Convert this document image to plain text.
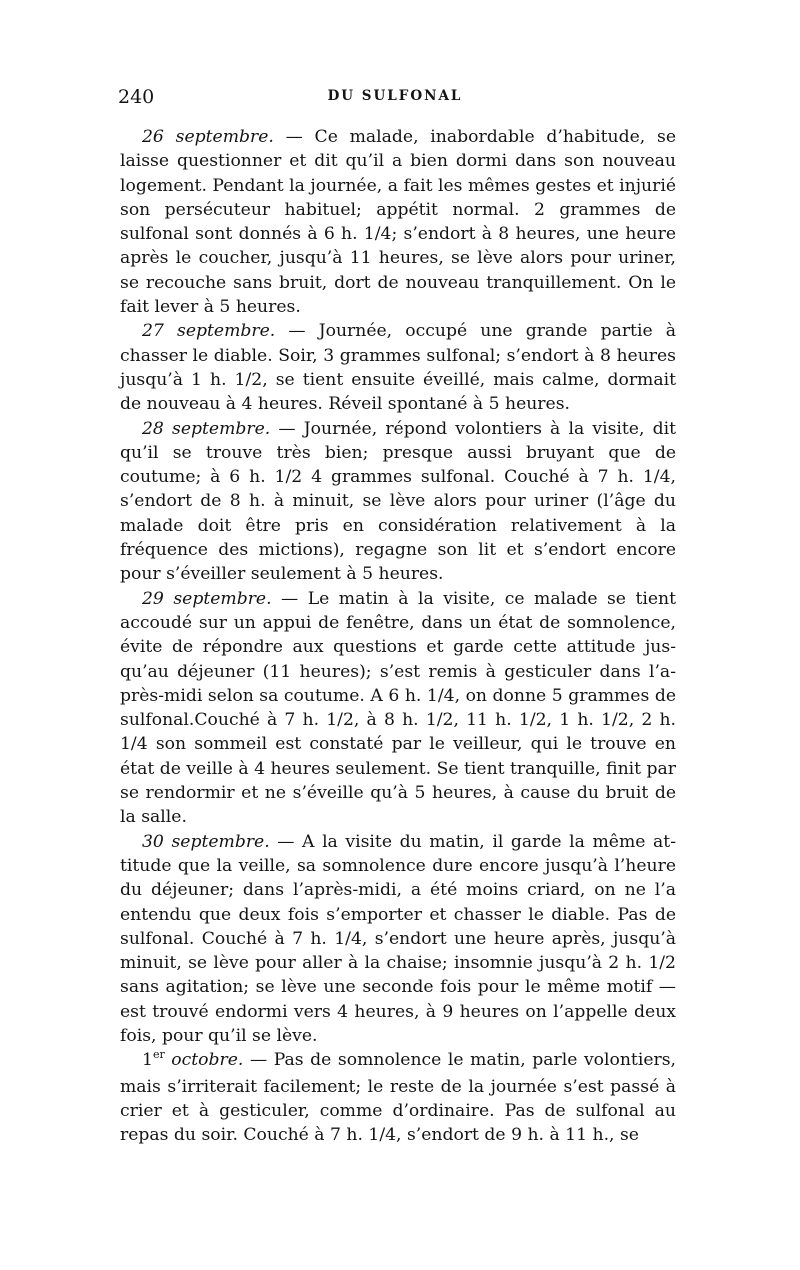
240	DU SULFONAL

26 septembre. — Ce malade, inabordable d’habitude, se laisse questionner et dit qu’il a bien dormi dans son nouveau logement. Pendant la journée, a fait les mêmes gestes et injurié son persécuteur habituel; appétit normal. 2 grammes de sulfonal sont donnés à 6 h. 1/4; s’endort à 8 heures, une heure après le coucher, jusqu’à 11 heures, se lève alors pour uriner, se recouche sans bruit, dort de nouveau tranquillement. On le fait lever à 5 heures.

27 septembre. — Journée, occupé une grande partie à chasser le diable. Soir, 3 grammes sulfonal; s’endort à 8 heures jusqu’à 1 h. 1/2, se tient ensuite éveillé, mais calme, dormait de nouveau à 4 heures. Réveil spontané à 5 heures.

28 septembre. — Journée, répond volontiers à la visite, dit qu’il se trouve très bien; presque aussi bruyant que de coutume; à 6 h. 1/2 4 grammes sulfonal. Couché à 7 h. 1/4, s’endort de 8 h. à minuit, se lève alors pour uriner (l’âge du malade doit être pris en considération relativement à la fréquence des mictions), regagne son lit et s’endort encore pour s’éveiller seulement à 5 heures.

29 septembre. — Le matin à la visite, ce malade se tient accoudé sur un appui de fenêtre, dans un état de somnolence, évite de répondre aux questions et garde cette attitude jusqu’au déjeuner (11 heures); s’est remis à gesticuler dans l’après-midi selon sa coutume. A 6 h. 1/4, on donne 5 grammes de sulfonal.Couché à 7 h. 1/2, à 8 h. 1/2, 11 h. 1/2, 1 h. 1/2, 2 h. 1/4 son sommeil est constaté par le veilleur, qui le trouve en état de veille à 4 heures seulement. Se tient tranquille, finit par se rendormir et ne s’éveille qu’à 5 heures, à cause du bruit de la salle.

30 septembre. — A la visite du matin, il garde la même attitude que la veille, sa somnolence dure encore jusqu’à l’heure du déjeuner; dans l’après-midi, a été moins criard, on ne l’a entendu que deux fois s’emporter et chasser le diable. Pas de sulfonal. Couché à 7 h. 1/4, s’endort une heure après, jusqu’à minuit, se lève pour aller à la chaise; insomnie jusqu’à 2 h. 1/2 sans agitation; se lève une seconde fois pour le même motif — est trouvé endormi vers 4 heures, à 9 heures on l’appelle deux fois, pour qu’il se lève.

1er octobre. — Pas de somnolence le matin, parle volontiers, mais s’irriterait facilement; le reste de la journée s’est passé à crier et à gesticuler, comme d’ordinaire. Pas de sulfonal au repas du soir. Couché à 7 h. 1/4, s’endort de 9 h. à 11 h., se
